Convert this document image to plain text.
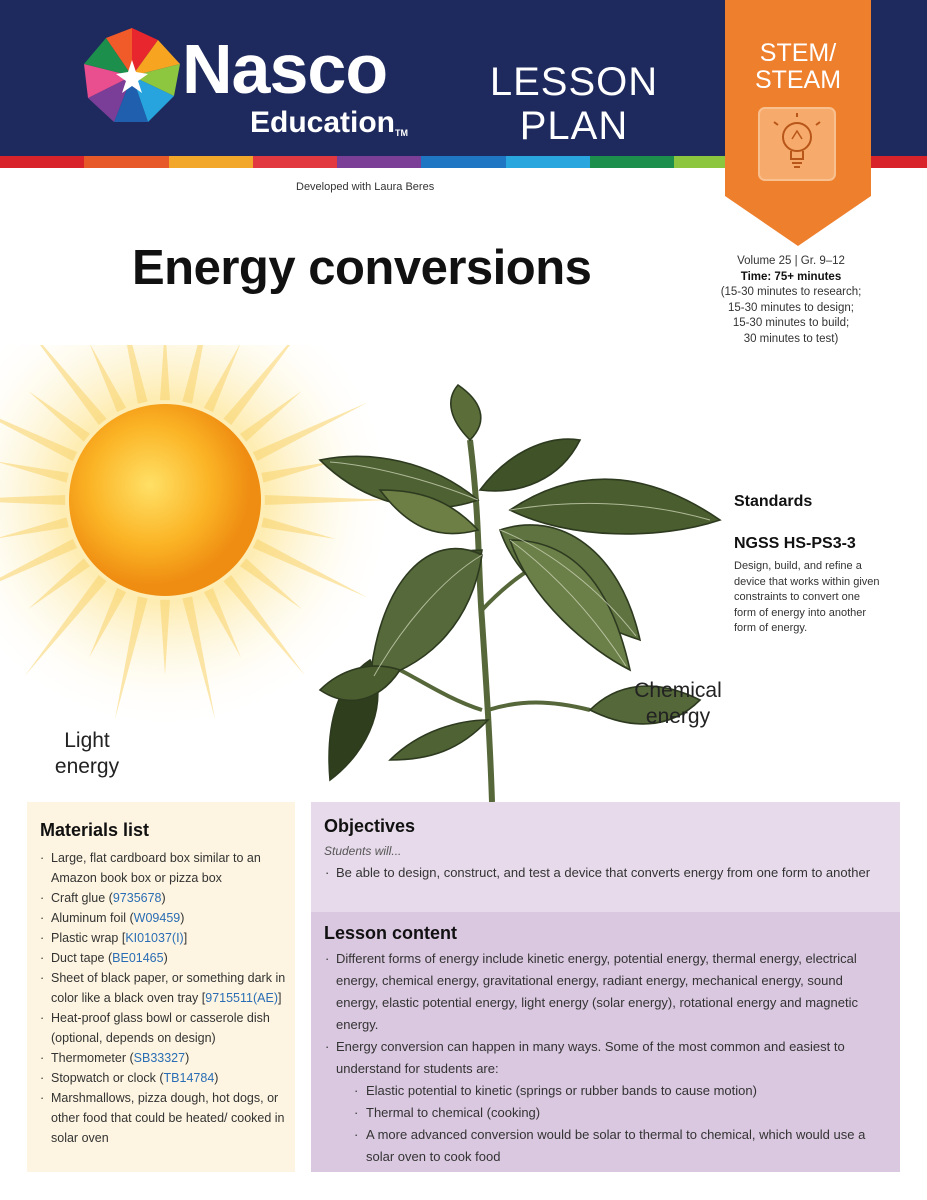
Nasco
EducationTM
LESSON
PLAN
STEM/
STEAM
Developed with Laura Beres
Energy conversions	Volume 25 | Gr. 9–12
Time: 75+ minutes
(15-30 minutes to research;
15-30 minutes to design;
15-30 minutes to build;
30 minutes to test)
Light
energy
Chemical
energy
Standards
NGSS HS-PS3-3
Design, build, and refine a device that works within given constraints to convert one form of energy into another form of energy.
Materials list
· Large, flat cardboard box similar to an Amazon book box or pizza box
· Craft glue (9735678)
· Aluminum foil (W09459)
· Plastic wrap [KI01037(I)]
· Duct tape (BE01465)
· Sheet of black paper, or something dark in color like a black oven tray [9715511(AE)]
· Heat-proof glass bowl or casserole dish (optional, depends on design)
· Thermometer (SB33327)
· Stopwatch or clock (TB14784)
· Marshmallows, pizza dough, hot dogs, or other food that could be heated/ cooked in solar oven
Objectives
Students will...
· Be able to design, construct, and test a device that converts energy from one form to another
Lesson content
· Different forms of energy include kinetic energy, potential energy, thermal energy, electrical energy, chemical energy, gravitational energy, radiant energy, mechanical energy, sound energy, elastic potential energy, light energy (solar energy), rotational energy and magnetic energy.
· Energy conversion can happen in many ways. Some of the most common and easiest to understand for students are:
· Elastic potential to kinetic (springs or rubber bands to cause motion)
· Thermal to chemical (cooking)
· A more advanced conversion would be solar to thermal to chemical, which would use a solar oven to cook food
